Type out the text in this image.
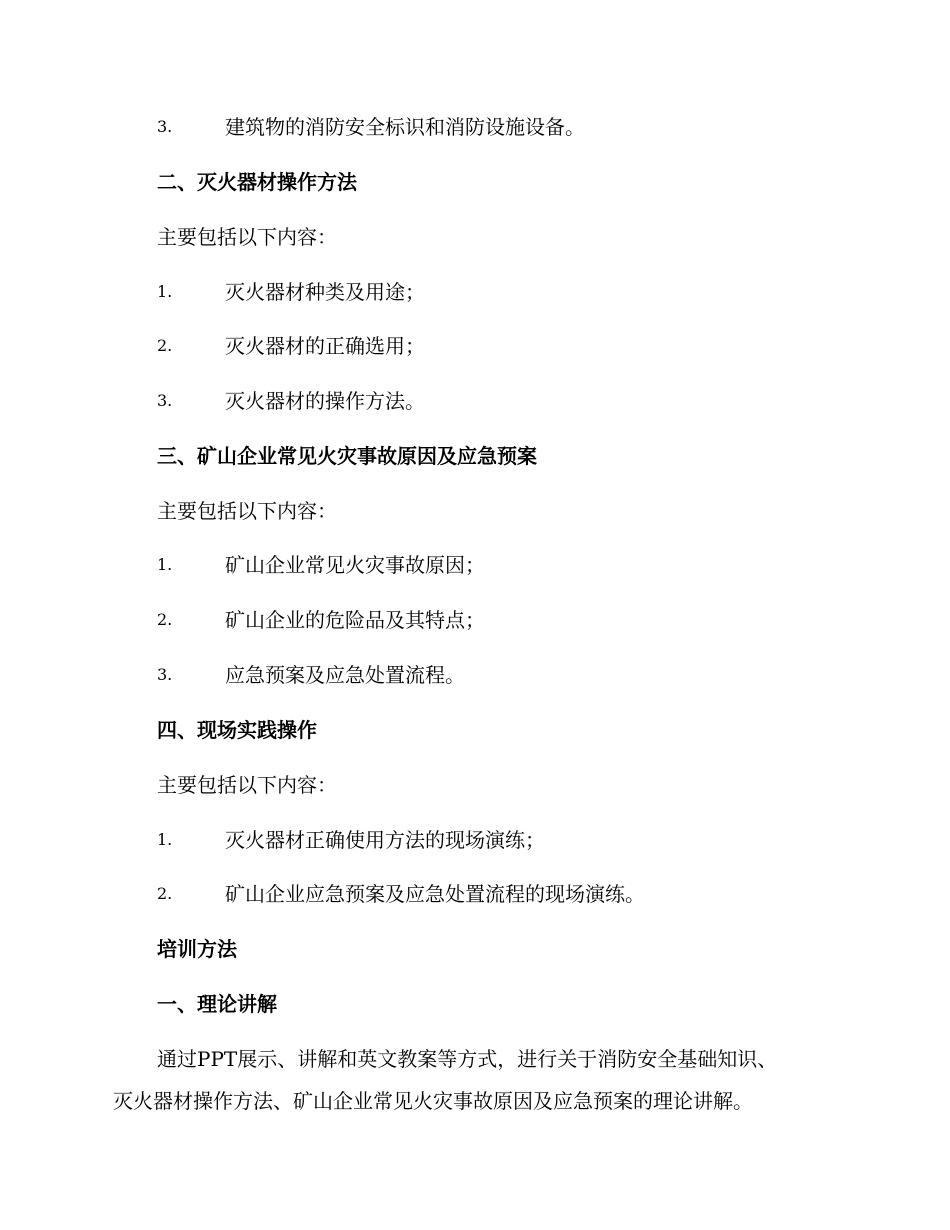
3.	建筑物的消防安全标识和消防设施设备。
二、灭火器材操作方法
主要包括以下内容：
1.	灭火器材种类及用途；
2.	灭火器材的正确选用；
3.	灭火器材的操作方法。
三、矿山企业常见火灾事故原因及应急预案
主要包括以下内容：
1.	矿山企业常见火灾事故原因；
2.	矿山企业的危险品及其特点；
3.	应急预案及应急处置流程。
四、现场实践操作
主要包括以下内容：
1.	灭火器材正确使用方法的现场演练；
2.	矿山企业应急预案及应急处置流程的现场演练。
培训方法
一、理论讲解
通过PPT展示、讲解和英文教案等方式，进行关于消防安全基础知识、
灭火器材操作方法、矿山企业常见火灾事故原因及应急预案的理论讲解。
